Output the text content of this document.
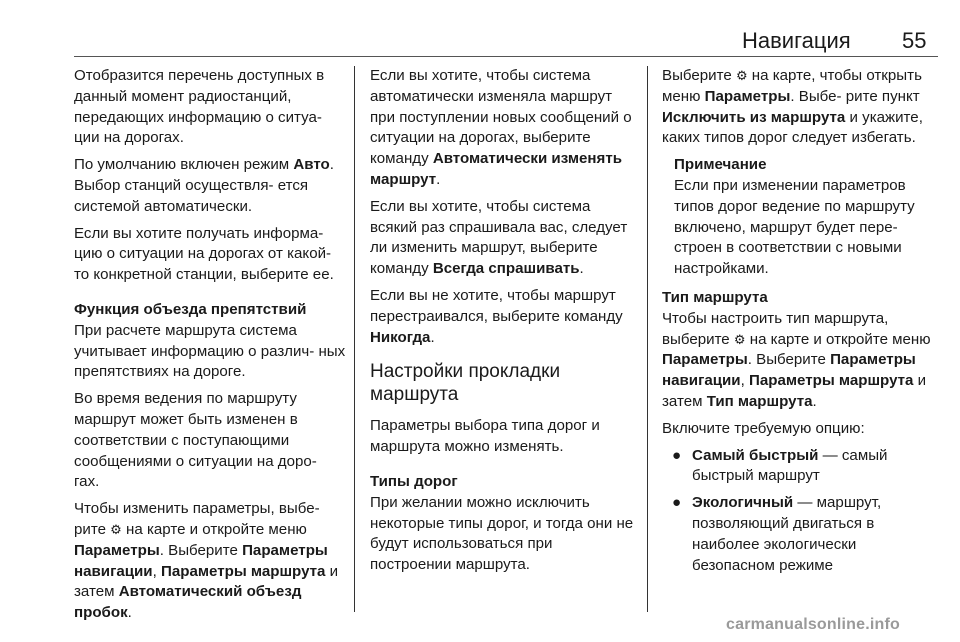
Навигация 55

Отобразится перечень доступных в данный момент радиостанций, передающих информацию о ситуа- ции на дорогах.

По умолчанию включен режим Авто. Выбор станций осуществля- ется системой автоматически.

Если вы хотите получать информа- цию о ситуации на дорогах от какой-то конкретной станции, выберите ее.

Функция объезда препятствий

При расчете маршрута система учитывает информацию о различ- ных препятствиях на дороге.

Во время ведения по маршруту маршрут может быть изменен в соответствии с поступающими сообщениями о ситуации на доро- гах.

Чтобы изменить параметры, выбе- рите ⚙ на карте и откройте меню Параметры. Выберите Параметры навигации, Параметры маршрута и затем Автоматический объезд пробок.

Если вы хотите, чтобы система автоматически изменяла маршрут при поступлении новых сообщений о ситуации на дорогах, выберите команду Автоматически изменять маршрут.

Если вы хотите, чтобы система всякий раз спрашивала вас, следует ли изменить маршрут, выберите команду Всегда спрашивать.

Если вы не хотите, чтобы маршрут перестраивался, выберите команду Никогда.

Настройки прокладки маршрута

Параметры выбора типа дорог и маршрута можно изменять.

Типы дорог

При желании можно исключить некоторые типы дорог, и тогда они не будут использоваться при построении маршрута.

Выберите ⚙ на карте, чтобы открыть меню Параметры. Выбе- рите пункт Исключить из маршрута и укажите, каких типов дорог следует избегать.

Примечание
Если при изменении параметров типов дорог ведение по маршруту включено, маршрут будет пере- строен в соответствии с новыми настройками.

Тип маршрута

Чтобы настроить тип маршрута, выберите ⚙ на карте и откройте меню Параметры. Выберите Параметры навигации, Параметры маршрута и затем Тип маршрута.

Включите требуемую опцию:

● Самый быстрый — самый быстрый маршрут
● Экологичный — маршрут, позволяющий двигаться в наиболее экологически безопасном режиме
carmanualsonline.info
